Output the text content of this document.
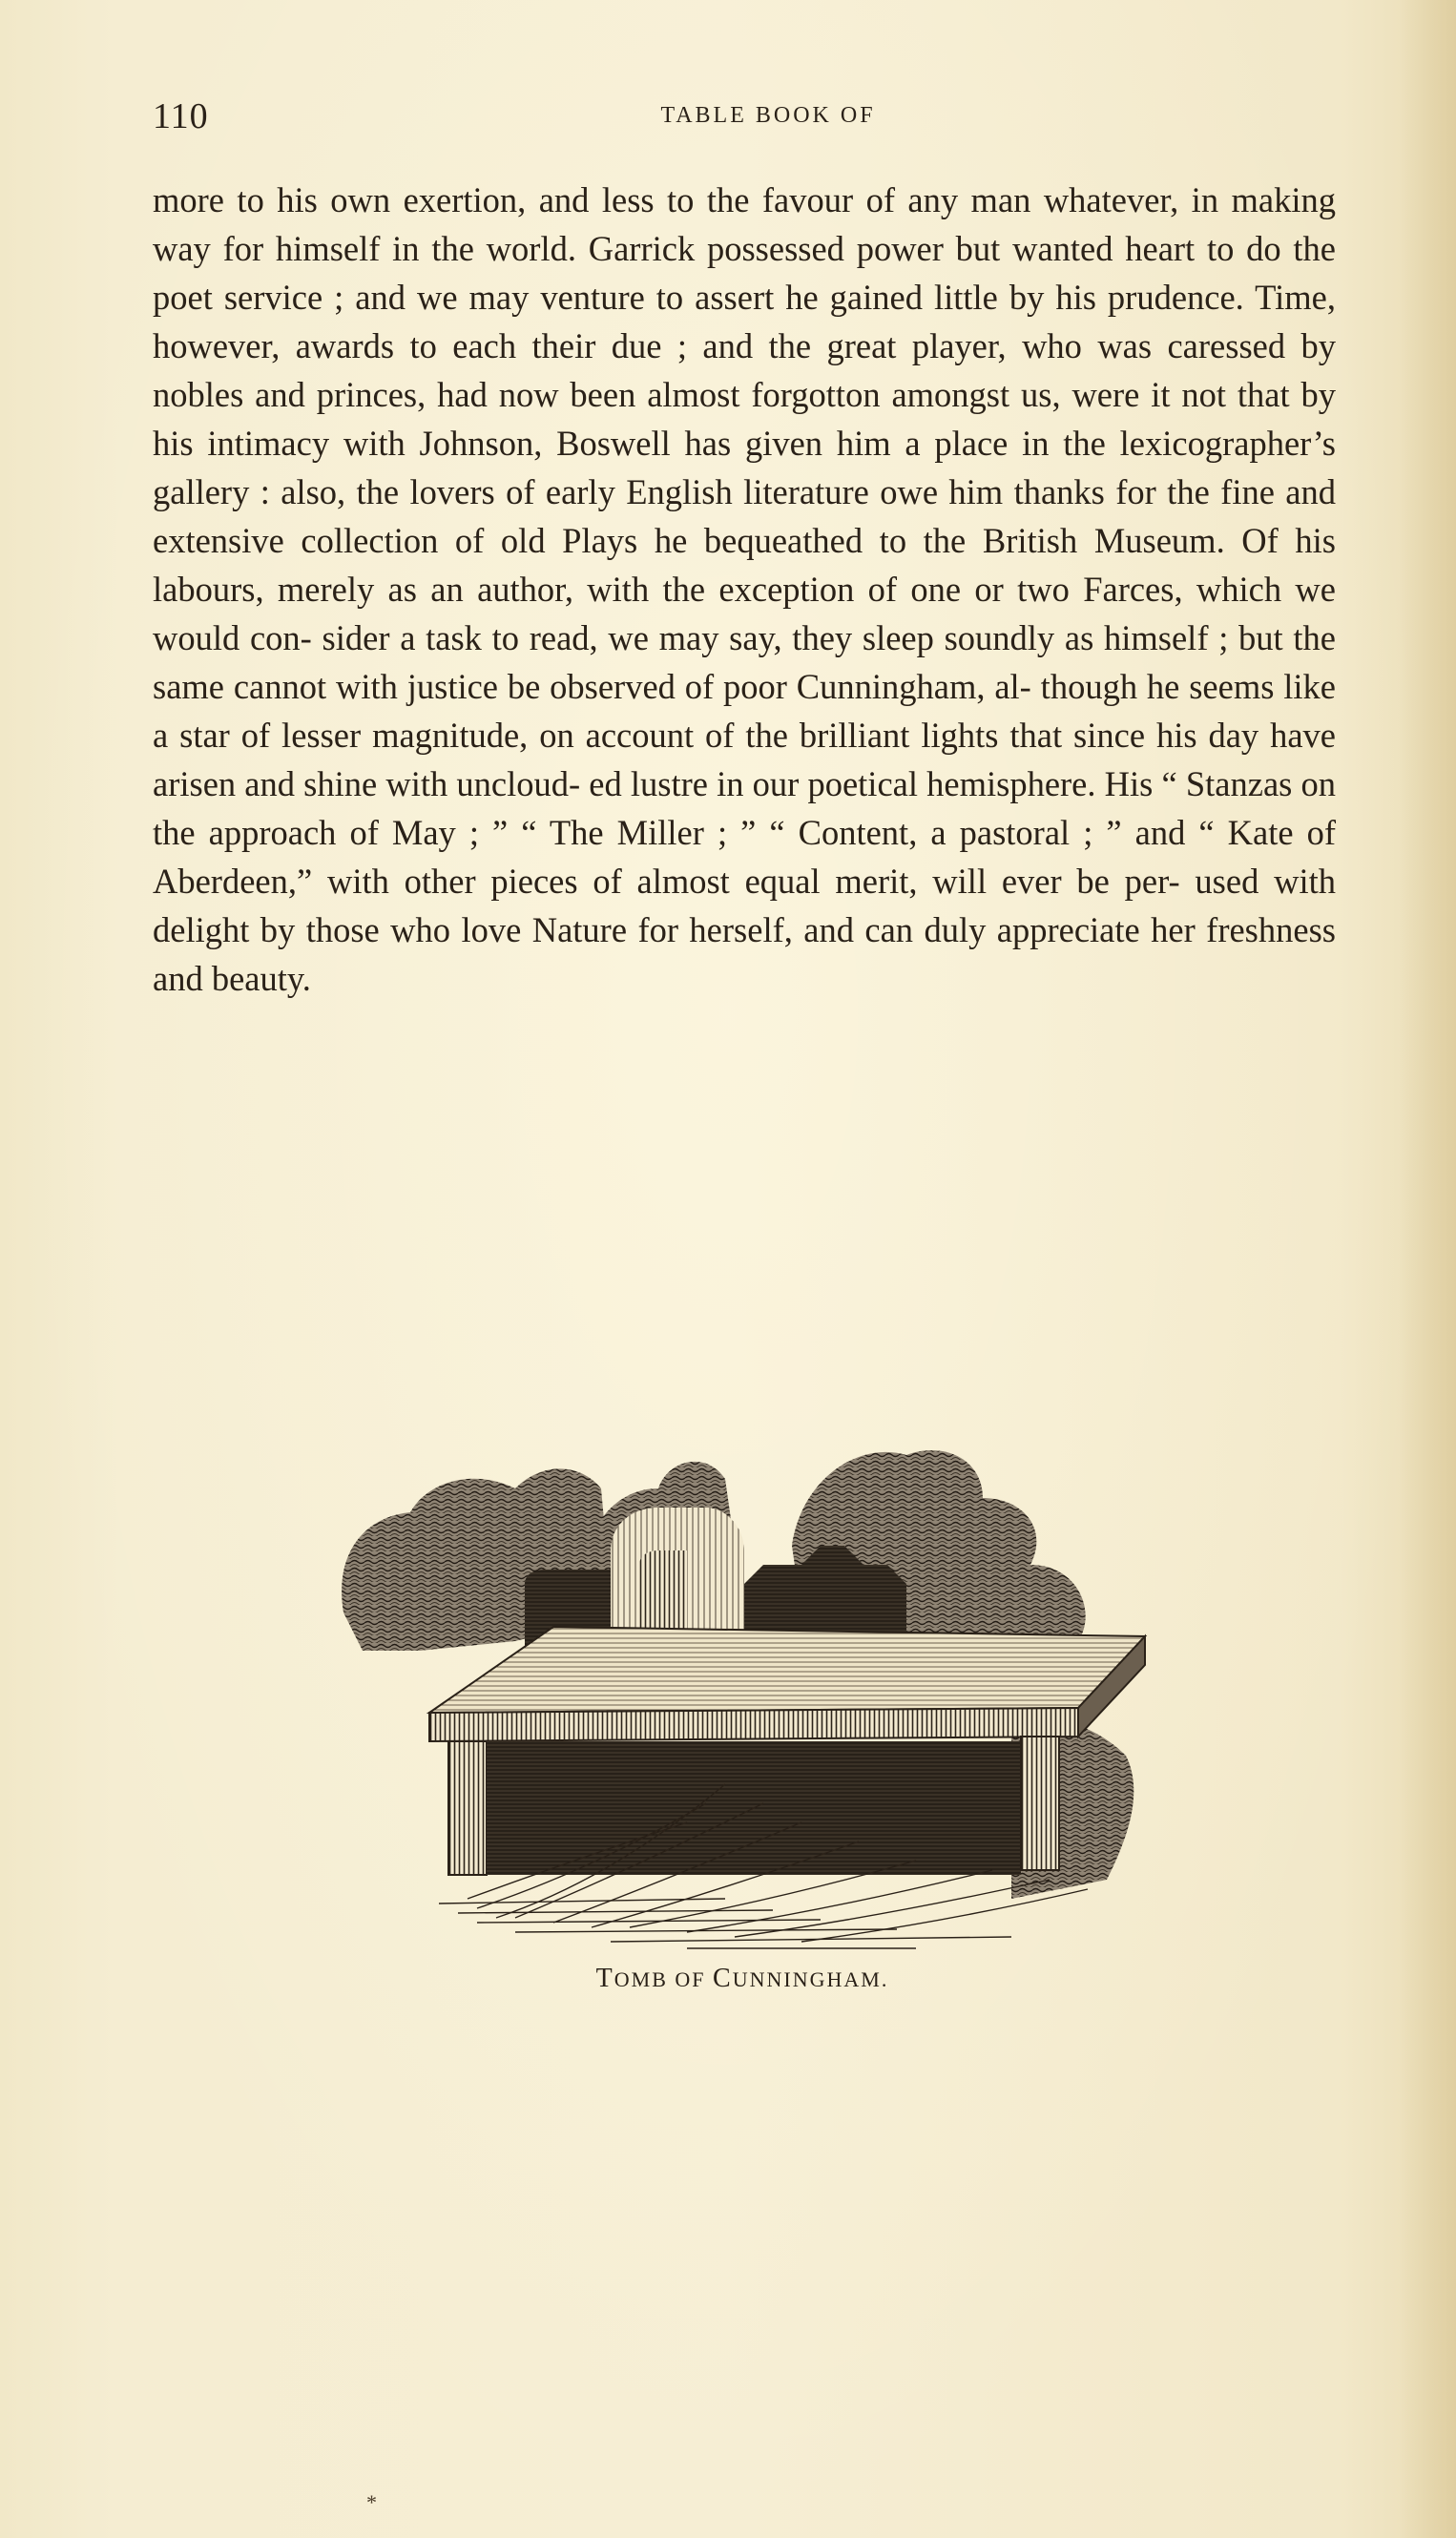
110	TABLE BOOK OF

more to his own exertion, and less to the favour of any man whatever, in making way for himself in the world. Garrick possessed power but wanted heart to do the poet service ; and we may venture to assert he gained little by his prudence. Time, however, awards to each their due ; and the great player, who was caressed by nobles and princes, had now been almost forgotton amongst us, were it not that by his intimacy with Johnson, Boswell has given him a place in the lexicographer’s gallery : also, the lovers of early English literature owe him thanks for the fine and extensive collection of old Plays he bequeathed to the British Museum. Of his labours, merely as an author, with the exception of one or two Farces, which we would con- sider a task to read, we may say, they sleep soundly as himself ; but the same cannot with justice be observed of poor Cunningham, al- though he seems like a star of lesser magnitude, on account of the brilliant lights that since his day have arisen and shine with uncloud- ed lustre in our poetical hemisphere. His “ Stanzas on the approach of May ; ” “ The Miller ; ” “ Content, a pastoral ; ” and “ Kate of Aberdeen,” with other pieces of almost equal merit, will ever be per- used with delight by those who love Nature for herself, and can duly appreciate her freshness and beauty.

TOMB OF CUNNINGHAM.
*
